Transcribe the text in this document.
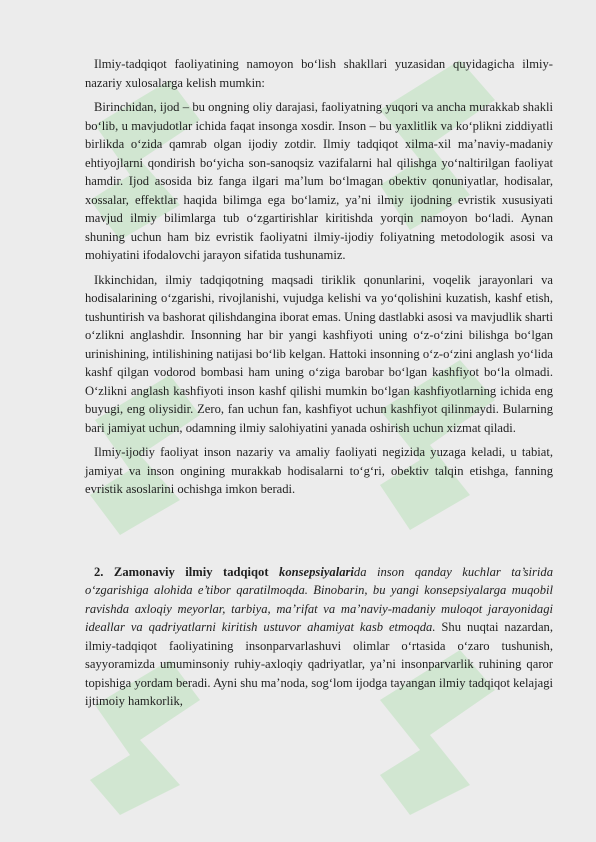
Ilmiy-tadqiqot faoliyatining namoyon bo‘lish shakllari yuzasidan quyidagicha ilmiy-nazariy xulosalarga kelish mumkin:

Birinchidan, ijod – bu ongning oliy darajasi, faoliyatning yuqori va ancha murakkab shakli bo‘lib, u mavjudotlar ichida faqat insonga xosdir. Inson – bu yaxlitlik va ko‘plikni ziddiyatli birlikda o‘zida qamrab olgan ijodiy zotdir. Ilmiy tadqiqot xilma-xil ma’naviy-madaniy ehtiyojlarni qondirish bo‘yicha son-sanoqsiz vazifalarni hal qilishga yo‘naltirilgan faoliyat hamdir. Ijod asosida biz fanga ilgari ma’lum bo‘lmagan obektiv qonuniyatlar, hodisalar, xossalar, effektlar haqida bilimga ega bo‘lamiz, ya’ni ilmiy ijodning evristik xususiyati mavjud ilmiy bilimlarga tub o‘zgartirishlar kiritishda yorqin namoyon bo‘ladi. Aynan shuning uchun ham biz evristik faoliyatni ilmiy-ijodiy foliyatning metodologik asosi va mohiyatini ifodalovchi jarayon sifatida tushunamiz.

Ikkinchidan, ilmiy tadqiqotning maqsadi tiriklik qonunlarini, voqelik jarayonlari va hodisalarining o‘zgarishi, rivojlanishi, vujudga kelishi va yo‘qolishini kuzatish, kashf etish, tushuntirish va bashorat qilishdangina iborat emas. Uning dastlabki asosi va mavjudlik sharti o‘zlikni anglashdir. Insonning har bir yangi kashfiyoti uning o‘z-o‘zini bilishga bo‘lgan urinishining, intilishining natijasi bo‘lib kelgan. Hattoki insonning o‘z-o‘zini anglash yo‘lida kashf qilgan vodorod bombasi ham uning o‘ziga barobar bo‘lgan kashfiyot bo‘la olmadi. O‘zlikni anglash kashfiyoti inson kashf qilishi mumkin bo‘lgan kashfiyotlarning ichida eng buyugi, eng oliysidir. Zero, fan uchun fan, kashfiyot uchun kashfiyot qilinmaydi. Bularning bari jamiyat uchun, odamning ilmiy salohiyatini yanada oshirish uchun xizmat qiladi.

Ilmiy-ijodiy faoliyat inson nazariy va amaliy faoliyati negizida yuzaga keladi, u tabiat, jamiyat va inson ongining murakkab hodisalarni to‘g‘ri, obektiv talqin etishga, fanning evristik asoslarini ochishga imkon beradi.

2. Zamonaviy ilmiy tadqiqot konsepsiyalarida inson qanday kuchlar ta’sirida o‘zgarishiga alohida e’tibor qaratilmoqda. Binobarin, bu yangi konsepsiyalarga muqobil ravishda axloqiy meyorlar, tarbiya, ma’rifat va ma’naviy-madaniy muloqot jarayonidagi ideallar va qadriyatlarni kiritish ustuvor ahamiyat kasb etmoqda. Shu nuqtai nazardan, ilmiy-tadqiqot faoliyatining insonparvarlashuvi olimlar o‘rtasida o‘zaro tushunish, sayyoramizda umuminsoniy ruhiy-axloqiy qadriyatlar, ya’ni insonparvarlik ruhining qaror topishiga yordam beradi. Ayni shu ma’noda, sog‘lom ijodga tayangan ilmiy tadqiqot kelajagi ijtimoiy hamkorlik,
